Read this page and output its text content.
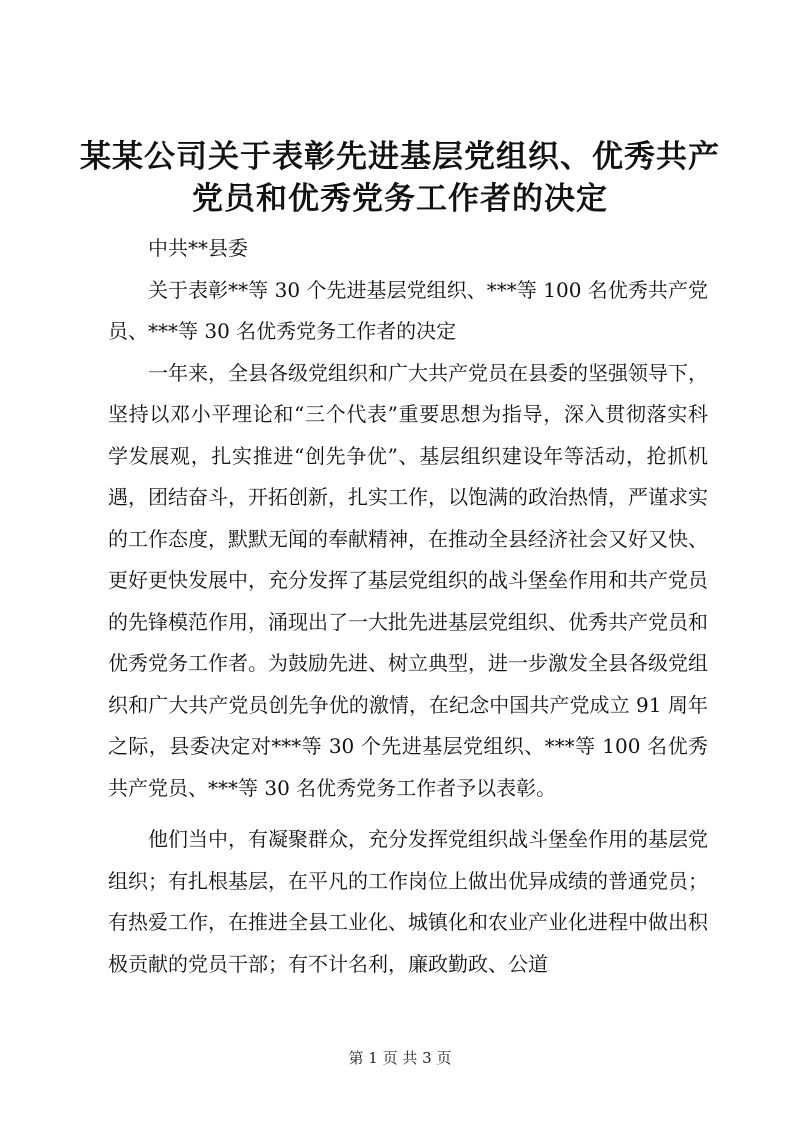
某某公司关于表彰先进基层党组织、优秀共产
党员和优秀党务工作者的决定

中共**县委

关于表彰**等 30 个先进基层党组织、***等 100 名优秀共产党员、***等 30 名优秀党务工作者的决定

一年来，全县各级党组织和广大共产党员在县委的坚强领导下，坚持以邓小平理论和“三个代表”重要思想为指导，深入贯彻落实科学发展观，扎实推进“创先争优”、基层组织建设年等活动，抢抓机遇，团结奋斗，开拓创新，扎实工作，以饱满的政治热情，严谨求实的工作态度，默默无闻的奉献精神，在推动全县经济社会又好又快、更好更快发展中，充分发挥了基层党组织的战斗堡垒作用和共产党员的先锋模范作用，涌现出了一大批先进基层党组织、优秀共产党员和优秀党务工作者。为鼓励先进、树立典型，进一步激发全县各级党组织和广大共产党员创先争优的激情，在纪念中国共产党成立 91 周年之际，县委决定对***等 30 个先进基层党组织、***等 100 名优秀共产党员、***等 30 名优秀党务工作者予以表彰。

他们当中，有凝聚群众，充分发挥党组织战斗堡垒作用的基层党组织；有扎根基层，在平凡的工作岗位上做出优异成绩的普通党员；有热爱工作，在推进全县工业化、城镇化和农业产业化进程中做出积极贡献的党员干部；有不计名利，廉政勤政、公道

第 1 页 共 3 页
